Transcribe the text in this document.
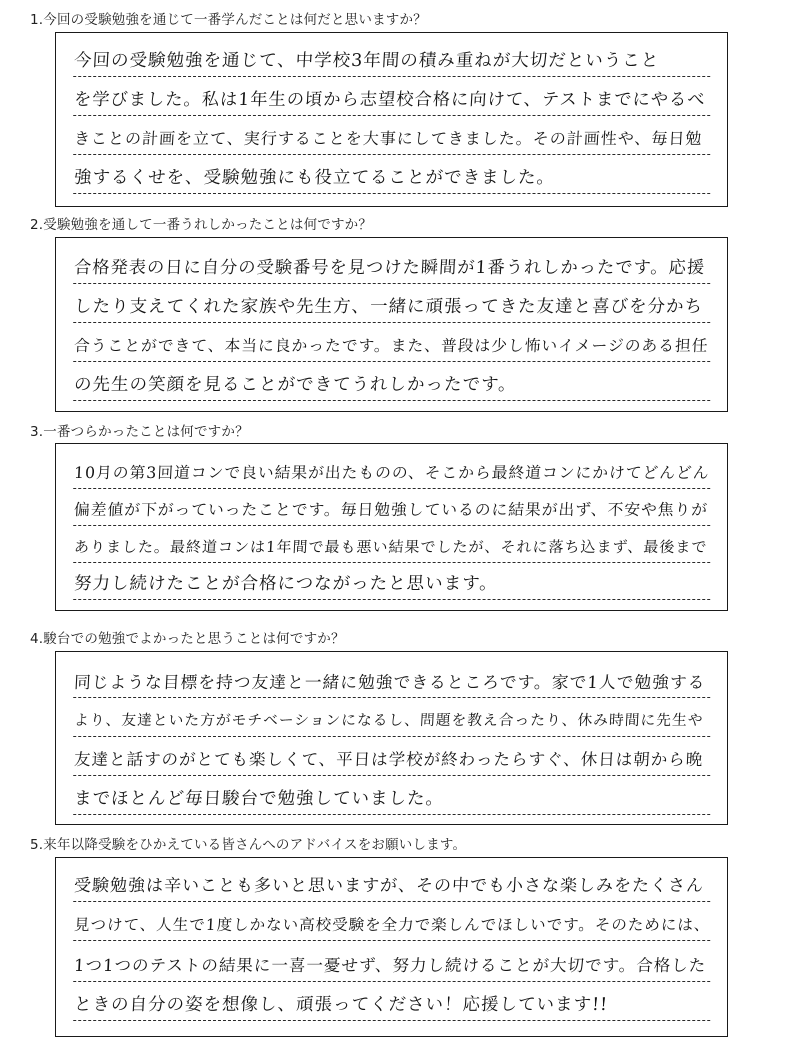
1.今回の受験勉強を通じて一番学んだことは何だと思いますか？
今回の受験勉強を通じて、中学校3年間の積み重ねが大切だということ
を学びました。私は1年生の頃から志望校合格に向けて、テストまでにやるべ
きことの計画を立て、実行することを大事にしてきました。その計画性や、毎日勉
強するくせを、受験勉強にも役立てることができました。
2.受験勉強を通して一番うれしかったことは何ですか？
合格発表の日に自分の受験番号を見つけた瞬間が1番うれしかったです。応援
したり支えてくれた家族や先生方、一緒に頑張ってきた友達と喜びを分かち
合うことができて、本当に良かったです。また、普段は少し怖いイメージのある担任
の先生の笑顔を見ることができてうれしかったです。
3.一番つらかったことは何ですか？
10月の第3回道コンで良い結果が出たものの、そこから最終道コンにかけてどんどん
偏差値が下がっていったことです。毎日勉強しているのに結果が出ず、不安や焦りが
ありました。最終道コンは1年間で最も悪い結果でしたが、それに落ち込まず、最後まで
努力し続けたことが合格につながったと思います。
4.駿台での勉強でよかったと思うことは何ですか？
同じような目標を持つ友達と一緒に勉強できるところです。家で1人で勉強する
より、友達といた方がモチベーションになるし、問題を教え合ったり、休み時間に先生や
友達と話すのがとても楽しくて、平日は学校が終わったらすぐ、休日は朝から晩
までほとんど毎日駿台で勉強していました。
5.来年以降受験をひかえている皆さんへのアドバイスをお願いします。
受験勉強は辛いことも多いと思いますが、その中でも小さな楽しみをたくさん
見つけて、人生で1度しかない高校受験を全力で楽しんでほしいです。そのためには、
1つ1つのテストの結果に一喜一憂せず、努力し続けることが大切です。合格した
ときの自分の姿を想像し、頑張ってください！応援しています!!
